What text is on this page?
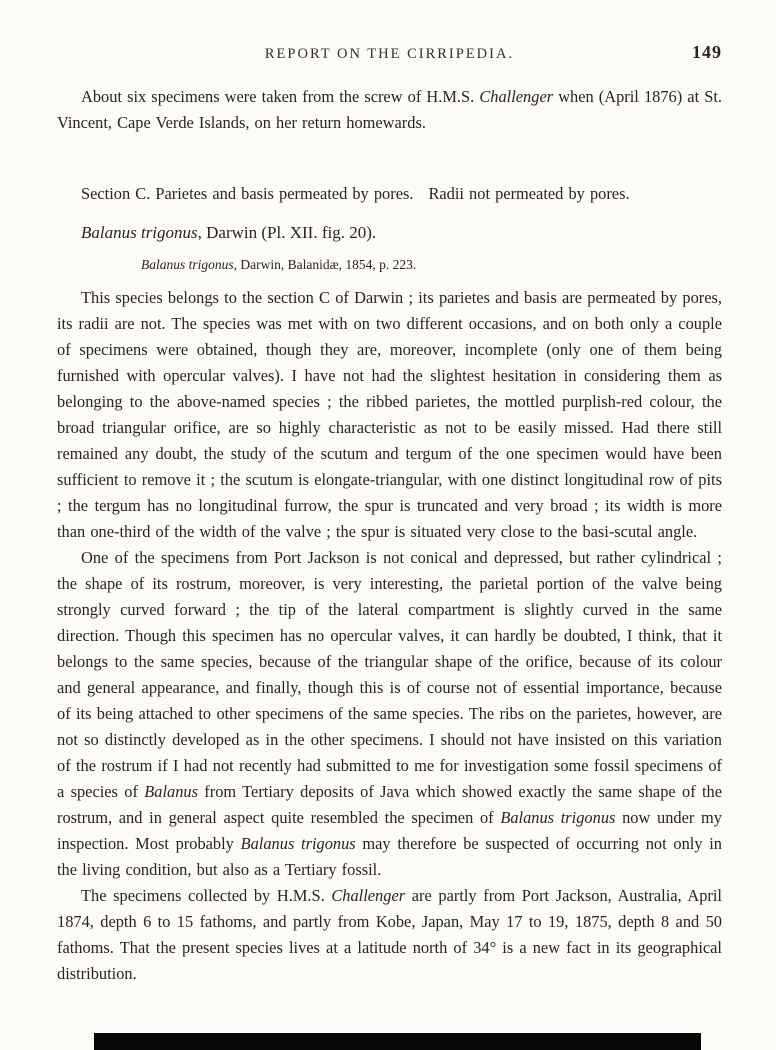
REPORT ON THE CIRRIPEDIA.	149

About six specimens were taken from the screw of H.M.S. Challenger when (April 1876) at St. Vincent, Cape Verde Islands, on her return homewards.

Section C. Parietes and basis permeated by pores. Radii not permeated by pores.

Balanus trigonus, Darwin (Pl. XII. fig. 20).

Balanus trigonus, Darwin, Balanidæ, 1854, p. 223.

This species belongs to the section C of Darwin ; its parietes and basis are permeated by pores, its radii are not. The species was met with on two different occasions, and on both only a couple of specimens were obtained, though they are, moreover, incomplete (only one of them being furnished with opercular valves). I have not had the slightest hesitation in considering them as belonging to the above-named species ; the ribbed parietes, the mottled purplish-red colour, the broad triangular orifice, are so highly characteristic as not to be easily missed. Had there still remained any doubt, the study of the scutum and tergum of the one specimen would have been sufficient to remove it ; the scutum is elongate-triangular, with one distinct longitudinal row of pits ; the tergum has no longitudinal furrow, the spur is truncated and very broad ; its width is more than one-third of the width of the valve ; the spur is situated very close to the basi-scutal angle.

One of the specimens from Port Jackson is not conical and depressed, but rather cylindrical ; the shape of its rostrum, moreover, is very interesting, the parietal portion of the valve being strongly curved forward ; the tip of the lateral compartment is slightly curved in the same direction. Though this specimen has no opercular valves, it can hardly be doubted, I think, that it belongs to the same species, because of the triangular shape of the orifice, because of its colour and general appearance, and finally, though this is of course not of essential importance, because of its being attached to other specimens of the same species. The ribs on the parietes, however, are not so distinctly developed as in the other specimens. I should not have insisted on this variation of the rostrum if I had not recently had submitted to me for investigation some fossil specimens of a species of Balanus from Tertiary deposits of Java which showed exactly the same shape of the rostrum, and in general aspect quite resembled the specimen of Balanus trigonus now under my inspection. Most probably Balanus trigonus may therefore be suspected of occurring not only in the living condition, but also as a Tertiary fossil.

The specimens collected by H.M.S. Challenger are partly from Port Jackson, Australia, April 1874, depth 6 to 15 fathoms, and partly from Kobe, Japan, May 17 to 19, 1875, depth 8 and 50 fathoms. That the present species lives at a latitude north of 34° is a new fact in its geographical distribution.
